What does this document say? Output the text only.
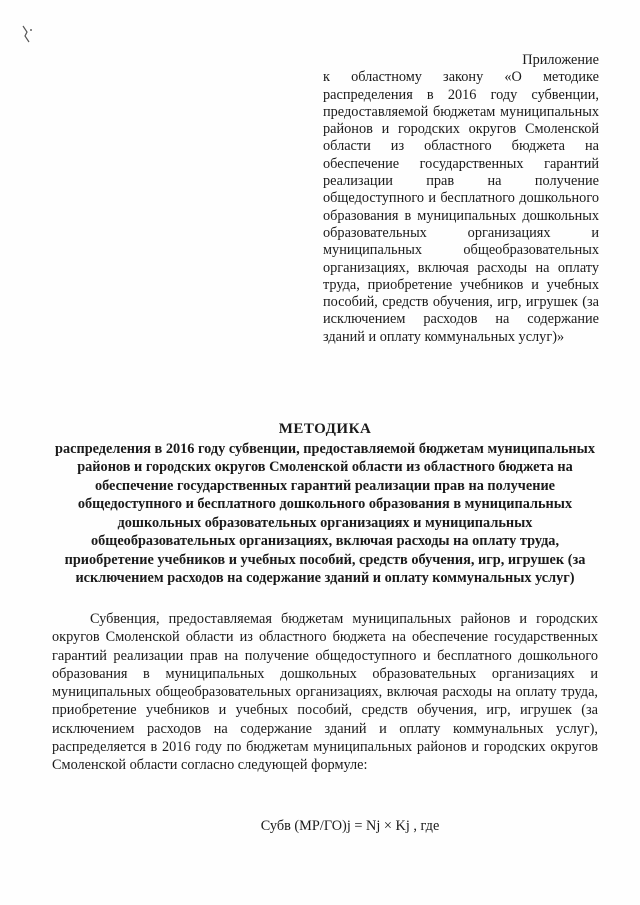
Приложение
к областному закону «О методике распределения в 2016 году субвенции, предоставляемой бюджетам муниципальных районов и городских округов Смоленской области из областного бюджета на обеспечение государственных гарантий реализации прав на получение общедоступного и бесплатного дошкольного образования в муниципальных дошкольных образовательных организациях и муниципальных общеобразовательных организациях, включая расходы на оплату труда, приобретение учебников и учебных пособий, средств обучения, игр, игрушек (за исключением расходов на содержание зданий и оплату коммунальных услуг)»
МЕТОДИКА
распределения в 2016 году субвенции, предоставляемой бюджетам муниципальных районов и городских округов Смоленской области из областного бюджета на обеспечение государственных гарантий реализации прав на получение общедоступного и бесплатного дошкольного образования в муниципальных дошкольных образовательных организациях и муниципальных общеобразовательных организациях, включая расходы на оплату труда, приобретение учебников и учебных пособий, средств обучения, игр, игрушек (за исключением расходов на содержание зданий и оплату коммунальных услуг)
Субвенция, предоставляемая бюджетам муниципальных районов и городских округов Смоленской области из областного бюджета на обеспечение государственных гарантий реализации прав на получение общедоступного и бесплатного дошкольного образования в муниципальных дошкольных образовательных организациях и муниципальных общеобразовательных организациях, включая расходы на оплату труда, приобретение учебников и учебных пособий, средств обучения, игр, игрушек (за исключением расходов на содержание зданий и оплату коммунальных услуг), распределяется в 2016 году по бюджетам муниципальных районов и городских округов Смоленской области согласно следующей формуле:
Субв (МР/ГО)j = Nj × Kj , где
